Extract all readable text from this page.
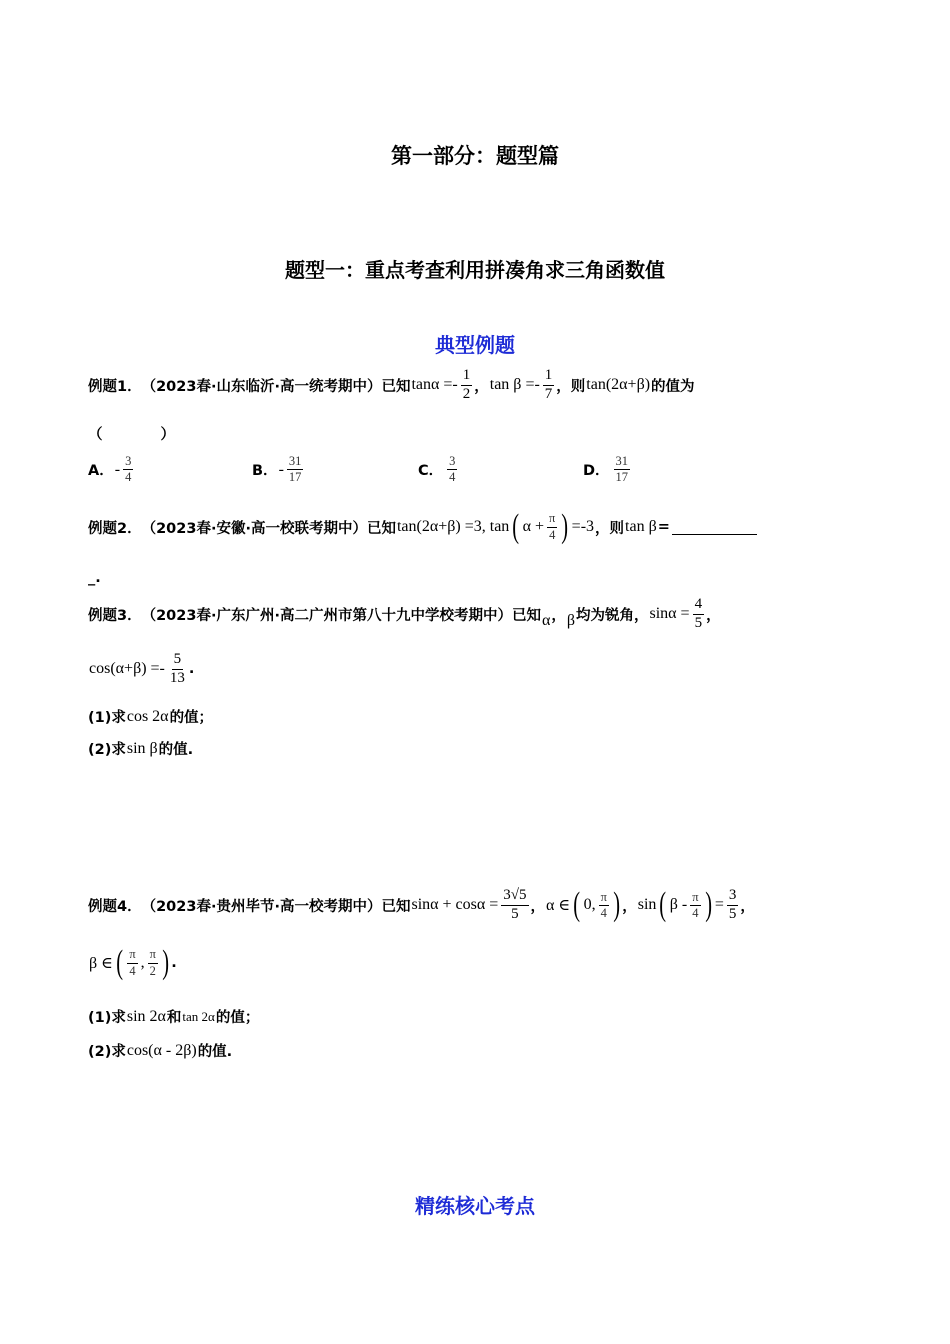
第一部分：题型篇
题型一：重点考查利用拼凑角求三角函数值
典型例题
例题1． （2023春·山东临沂·高一统考期中）已知 $\tan\alpha =- \frac{1}{2}$ ， $\tan \beta =- \frac{1}{7}$ ，则 tan(2α+β) 的值为
（　　　　）
A． - $\frac{3}{4}$	B． - $\frac{31}{17}$	C． $\frac{3}{4}$	D． $\frac{31}{17}$
例题2． （2023春·安徽·高一校联考期中）已知 tan(2α+β) =3, tan ( $\alpha + \frac{\pi}{4}$ ) =-3 ，则 tan β =
_.
例题3． （2023春·广东广州·高二广州市第八十九中学校考期中）已知 α ， β 均为锐角， $\sin\alpha = \frac{4}{5}$ ，
$\cos(\alpha+\beta) =- \frac{5}{13}$ .
(1)求 cos 2α 的值；
(2)求 sin β 的值.
例题4． （2023春·贵州毕节·高一校考期中）已知 $\sin\alpha + \cos\alpha = \frac{3√5}{5}$ ， α ∈ ( 0, $\frac{\pi}{4}$ ) ， sin ( β - $\frac{\pi}{4}$ ) = $\frac{3}{5}$ ，
β ∈ ( $\frac{\pi}{4}$ , $\frac{\pi}{2}$ ) .
(1)求 sin 2α 和 tan 2α 的值；
(2)求 cos(α - 2β) 的值.
精练核心考点
